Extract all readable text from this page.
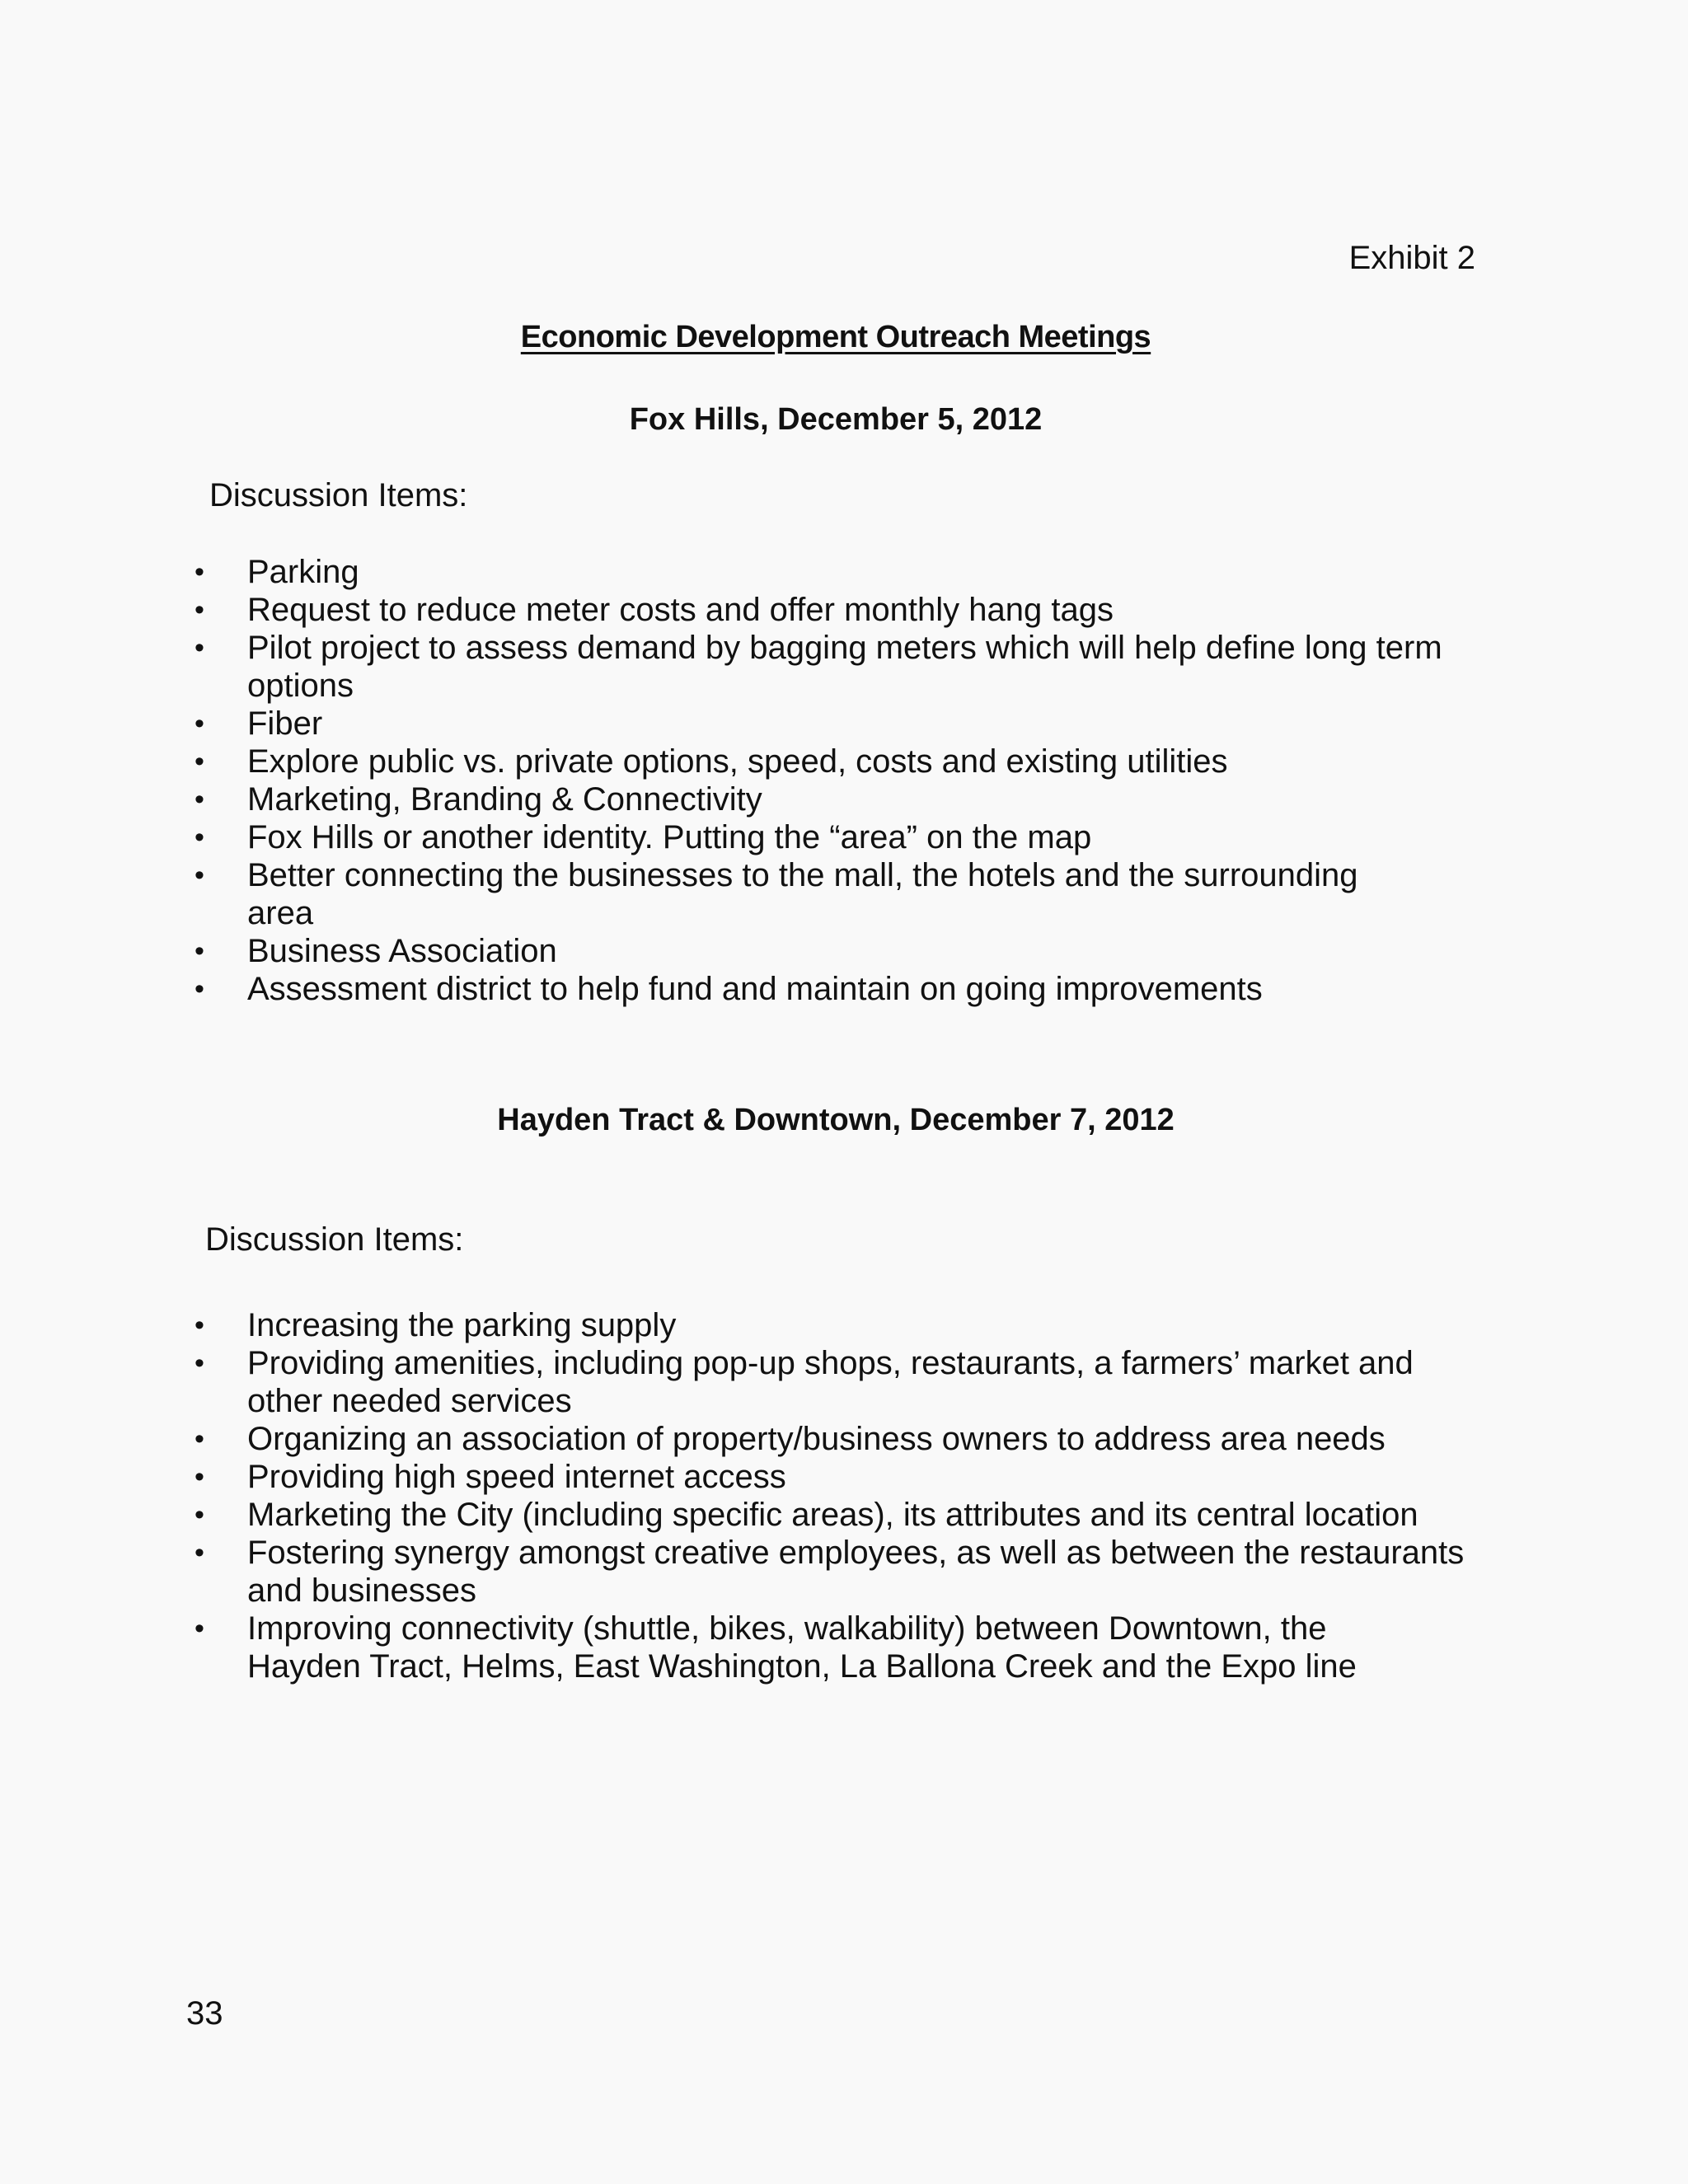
Exhibit 2
Economic Development Outreach Meetings
Fox Hills, December 5, 2012
Discussion Items:
• Parking
• Request to reduce meter costs and offer monthly hang tags
• Pilot project to assess demand by bagging meters which will help define long term
options
• Fiber
• Explore public vs. private options, speed, costs and existing utilities
• Marketing, Branding & Connectivity
• Fox Hills or another identity. Putting the “area” on the map
• Better connecting the businesses to the mall, the hotels and the surrounding
area
• Business Association
• Assessment district to help fund and maintain on going improvements
Hayden Tract & Downtown, December 7, 2012
Discussion Items:
• Increasing the parking supply
• Providing amenities, including pop-up shops, restaurants, a farmers’ market and
other needed services
• Organizing an association of property/business owners to address area needs
• Providing high speed internet access
• Marketing the City (including specific areas), its attributes and its central location
• Fostering synergy amongst creative employees, as well as between the restaurants
and businesses
• Improving connectivity (shuttle, bikes, walkability) between Downtown, the
Hayden Tract, Helms, East Washington, La Ballona Creek and the Expo line
33
